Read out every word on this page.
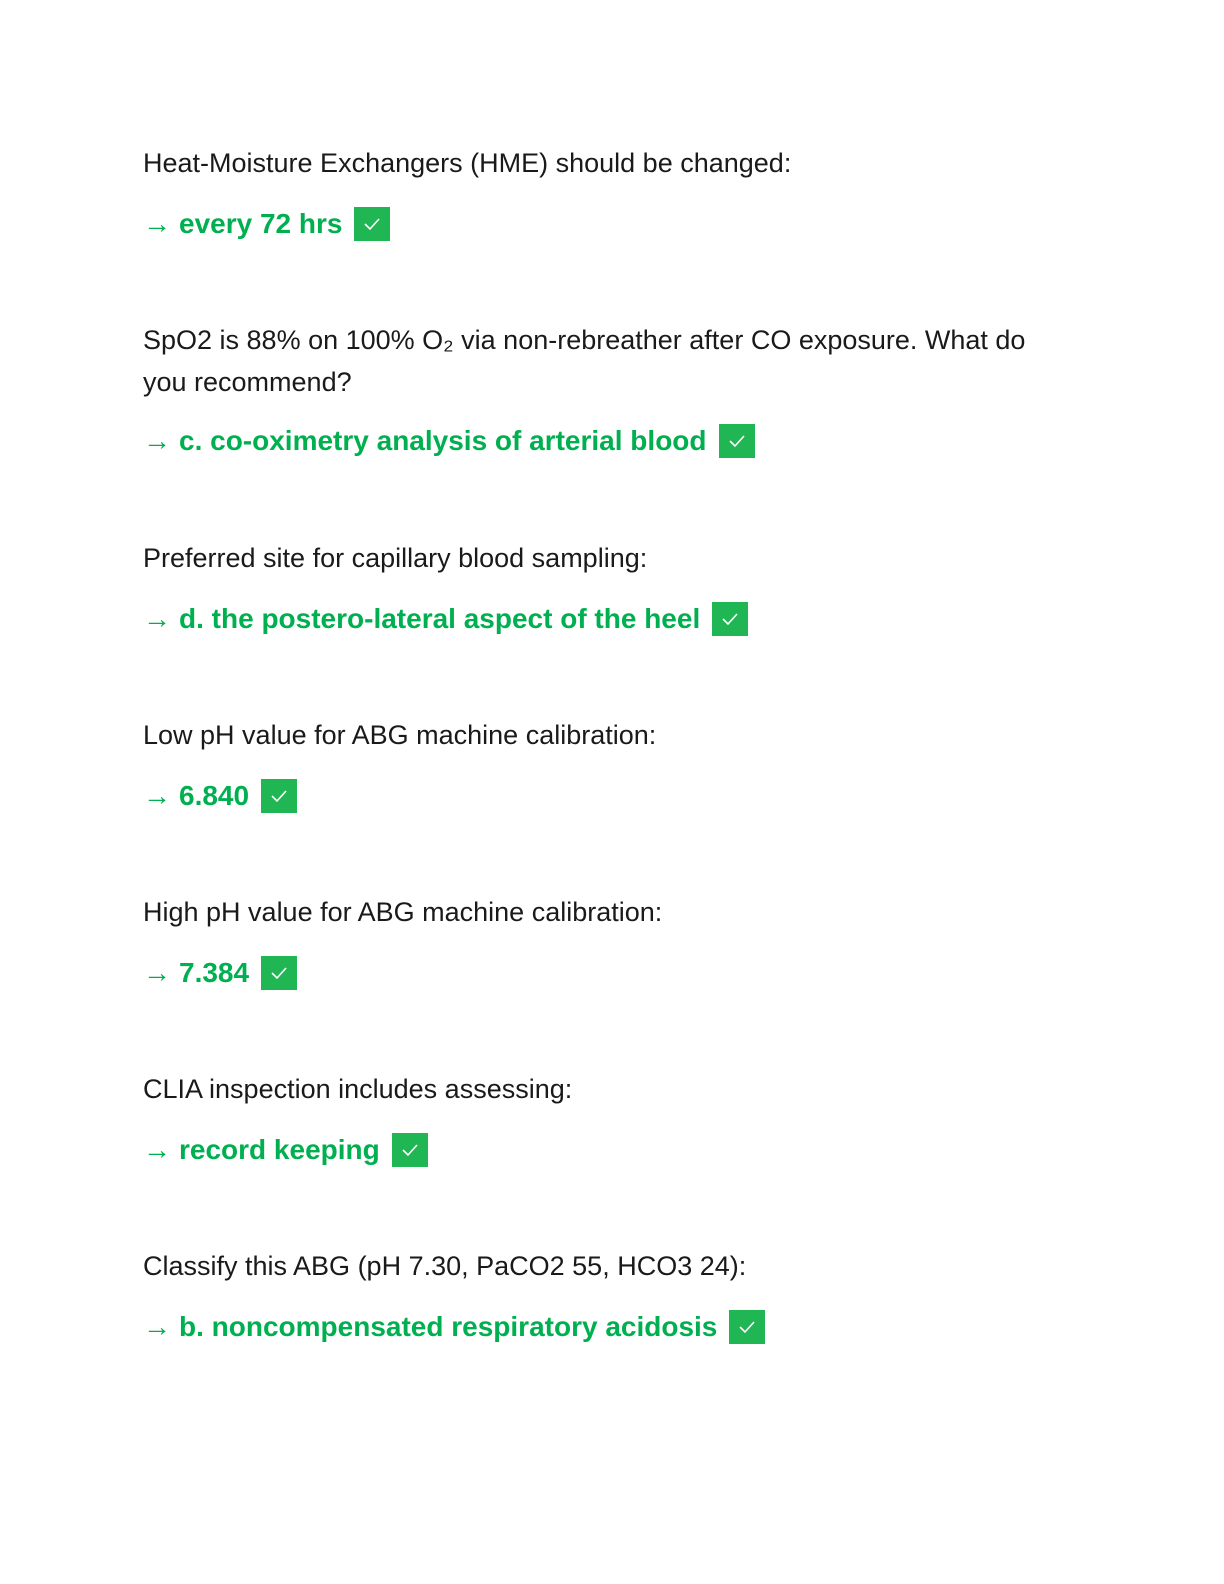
Heat-Moisture Exchangers (HME) should be changed:

→ every 72 hrs

SpO2 is 88% on 100% O₂ via non-rebreather after CO exposure. What do you recommend?

→ c. co-oximetry analysis of arterial blood

Preferred site for capillary blood sampling:

→ d. the postero-lateral aspect of the heel

Low pH value for ABG machine calibration:

→ 6.840

High pH value for ABG machine calibration:

→ 7.384

CLIA inspection includes assessing:

→ record keeping

Classify this ABG (pH 7.30, PaCO2 55, HCO3 24):

→ b. noncompensated respiratory acidosis
